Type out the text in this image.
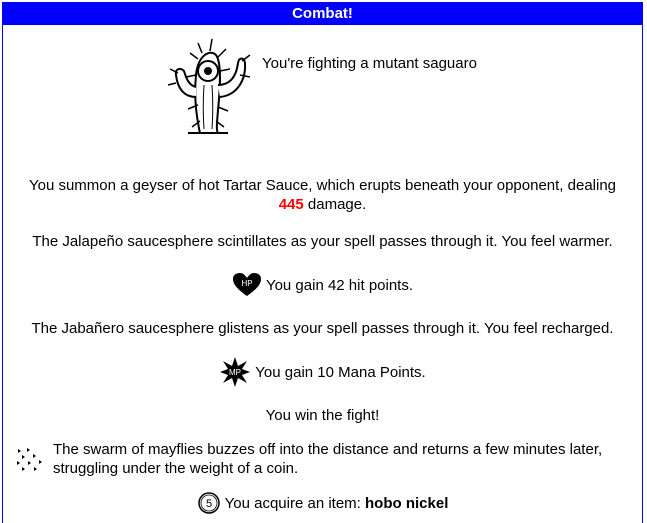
Combat!
You're fighting a mutant saguaro
You summon a geyser of hot Tartar Sauce, which erupts beneath your opponent, dealing
445 damage.
The Jalapeño saucesphere scintillates as your spell passes through it. You feel warmer.
HP You gain 42 hit points.
The Jabañero saucesphere glistens as your spell passes through it. You feel recharged.
MP You gain 10 Mana Points.
You win the fight!
The swarm of mayflies buzzes off into the distance and returns a few minutes later, struggling under the weight of a coin.
5 You acquire an item: hobo nickel
